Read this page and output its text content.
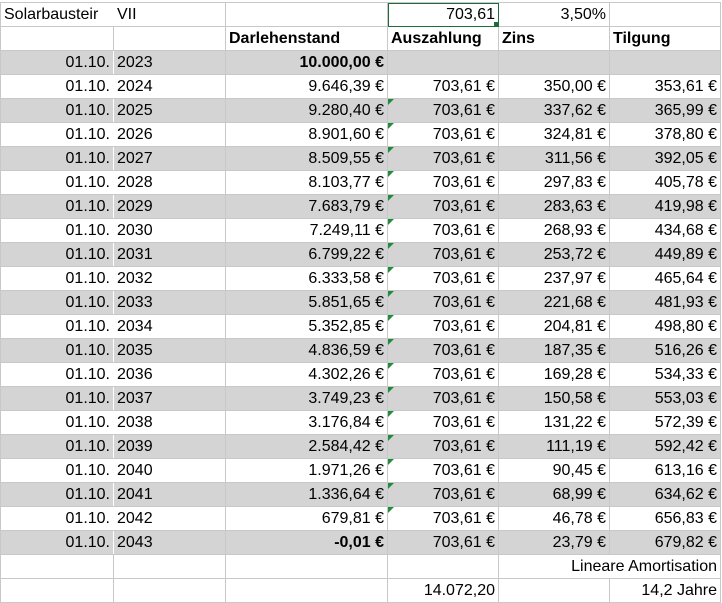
Solarbausteir	VII		703,61	3,50%	
		Darlehenstand	Auszahlung	Zins	Tilgung
01.10.	2023	10.000,00 €			
01.10.	2024	9.646,39 €	703,61 €	350,00 €	353,61 €
01.10.	2025	9.280,40 €	703,61 €	337,62 €	365,99 €
01.10.	2026	8.901,60 €	703,61 €	324,81 €	378,80 €
01.10.	2027	8.509,55 €	703,61 €	311,56 €	392,05 €
01.10.	2028	8.103,77 €	703,61 €	297,83 €	405,78 €
01.10.	2029	7.683,79 €	703,61 €	283,63 €	419,98 €
01.10.	2030	7.249,11 €	703,61 €	268,93 €	434,68 €
01.10.	2031	6.799,22 €	703,61 €	253,72 €	449,89 €
01.10.	2032	6.333,58 €	703,61 €	237,97 €	465,64 €
01.10.	2033	5.851,65 €	703,61 €	221,68 €	481,93 €
01.10.	2034	5.352,85 €	703,61 €	204,81 €	498,80 €
01.10.	2035	4.836,59 €	703,61 €	187,35 €	516,26 €
01.10.	2036	4.302,26 €	703,61 €	169,28 €	534,33 €
01.10.	2037	3.749,23 €	703,61 €	150,58 €	553,03 €
01.10.	2038	3.176,84 €	703,61 €	131,22 €	572,39 €
01.10.	2039	2.584,42 €	703,61 €	111,19 €	592,42 €
01.10.	2040	1.971,26 €	703,61 €	90,45 €	613,16 €
01.10.	2041	1.336,64 €	703,61 €	68,99 €	634,62 €
01.10.	2042	679,81 €	703,61 €	46,78 €	656,83 €
01.10.	2043	-0,01 €	703,61 €	23,79 €	679,82 €
				Lineare Amortisation	
			14.072,20		14,2 Jahre
